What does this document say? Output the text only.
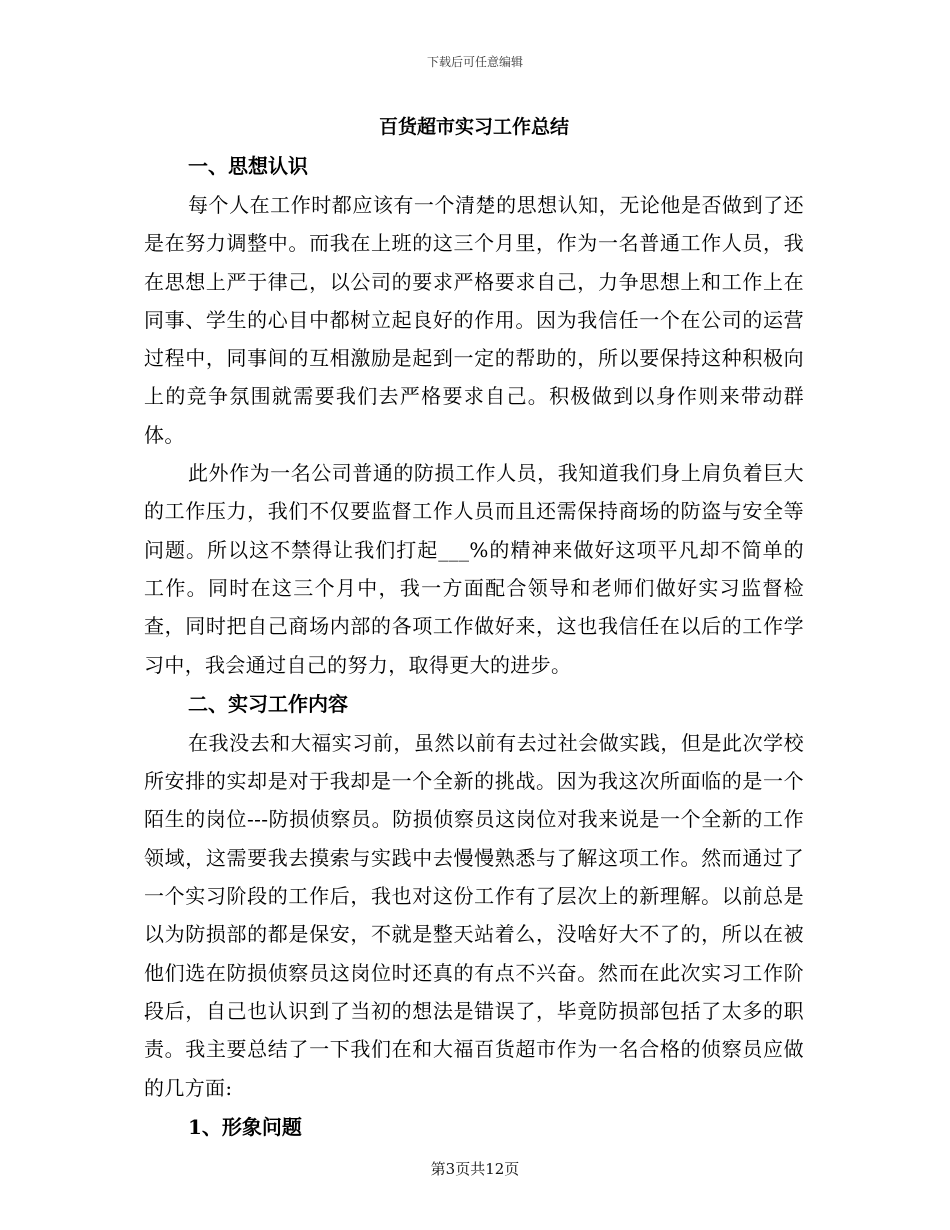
下载后可任意编辑
百货超市实习工作总结
一、思想认识

每个人在工作时都应该有一个清楚的思想认知，无论他是否做到了还是在努力调整中。而我在上班的这三个月里，作为一名普通工作人员，我在思想上严于律己，以公司的要求严格要求自己，力争思想上和工作上在同事、学生的心目中都树立起良好的作用。因为我信任一个在公司的运营过程中，同事间的互相激励是起到一定的帮助的，所以要保持这种积极向上的竞争氛围就需要我们去严格要求自己。积极做到以身作则来带动群体。

此外作为一名公司普通的防损工作人员，我知道我们身上肩负着巨大的工作压力，我们不仅要监督工作人员而且还需保持商场的防盗与安全等问题。所以这不禁得让我们打起___%的精神来做好这项平凡却不简单的工作。同时在这三个月中，我一方面配合领导和老师们做好实习监督检查，同时把自己商场内部的各项工作做好来，这也我信任在以后的工作学习中，我会通过自己的努力，取得更大的进步。

二、实习工作内容

在我没去和大福实习前，虽然以前有去过社会做实践，但是此次学校所安排的实却是对于我却是一个全新的挑战。因为我这次所面临的是一个陌生的岗位---防损侦察员。防损侦察员这岗位对我来说是一个全新的工作领域，这需要我去摸索与实践中去慢慢熟悉与了解这项工作。然而通过了一个实习阶段的工作后，我也对这份工作有了层次上的新理解。以前总是以为防损部的都是保安，不就是整天站着么，没啥好大不了的，所以在被他们选在防损侦察员这岗位时还真的有点不兴奋。然而在此次实习工作阶段后，自己也认识到了当初的想法是错误了，毕竟防损部包括了太多的职责。我主要总结了一下我们在和大福百货超市作为一名合格的侦察员应做的几方面:

1、形象问题
第3页共12页
